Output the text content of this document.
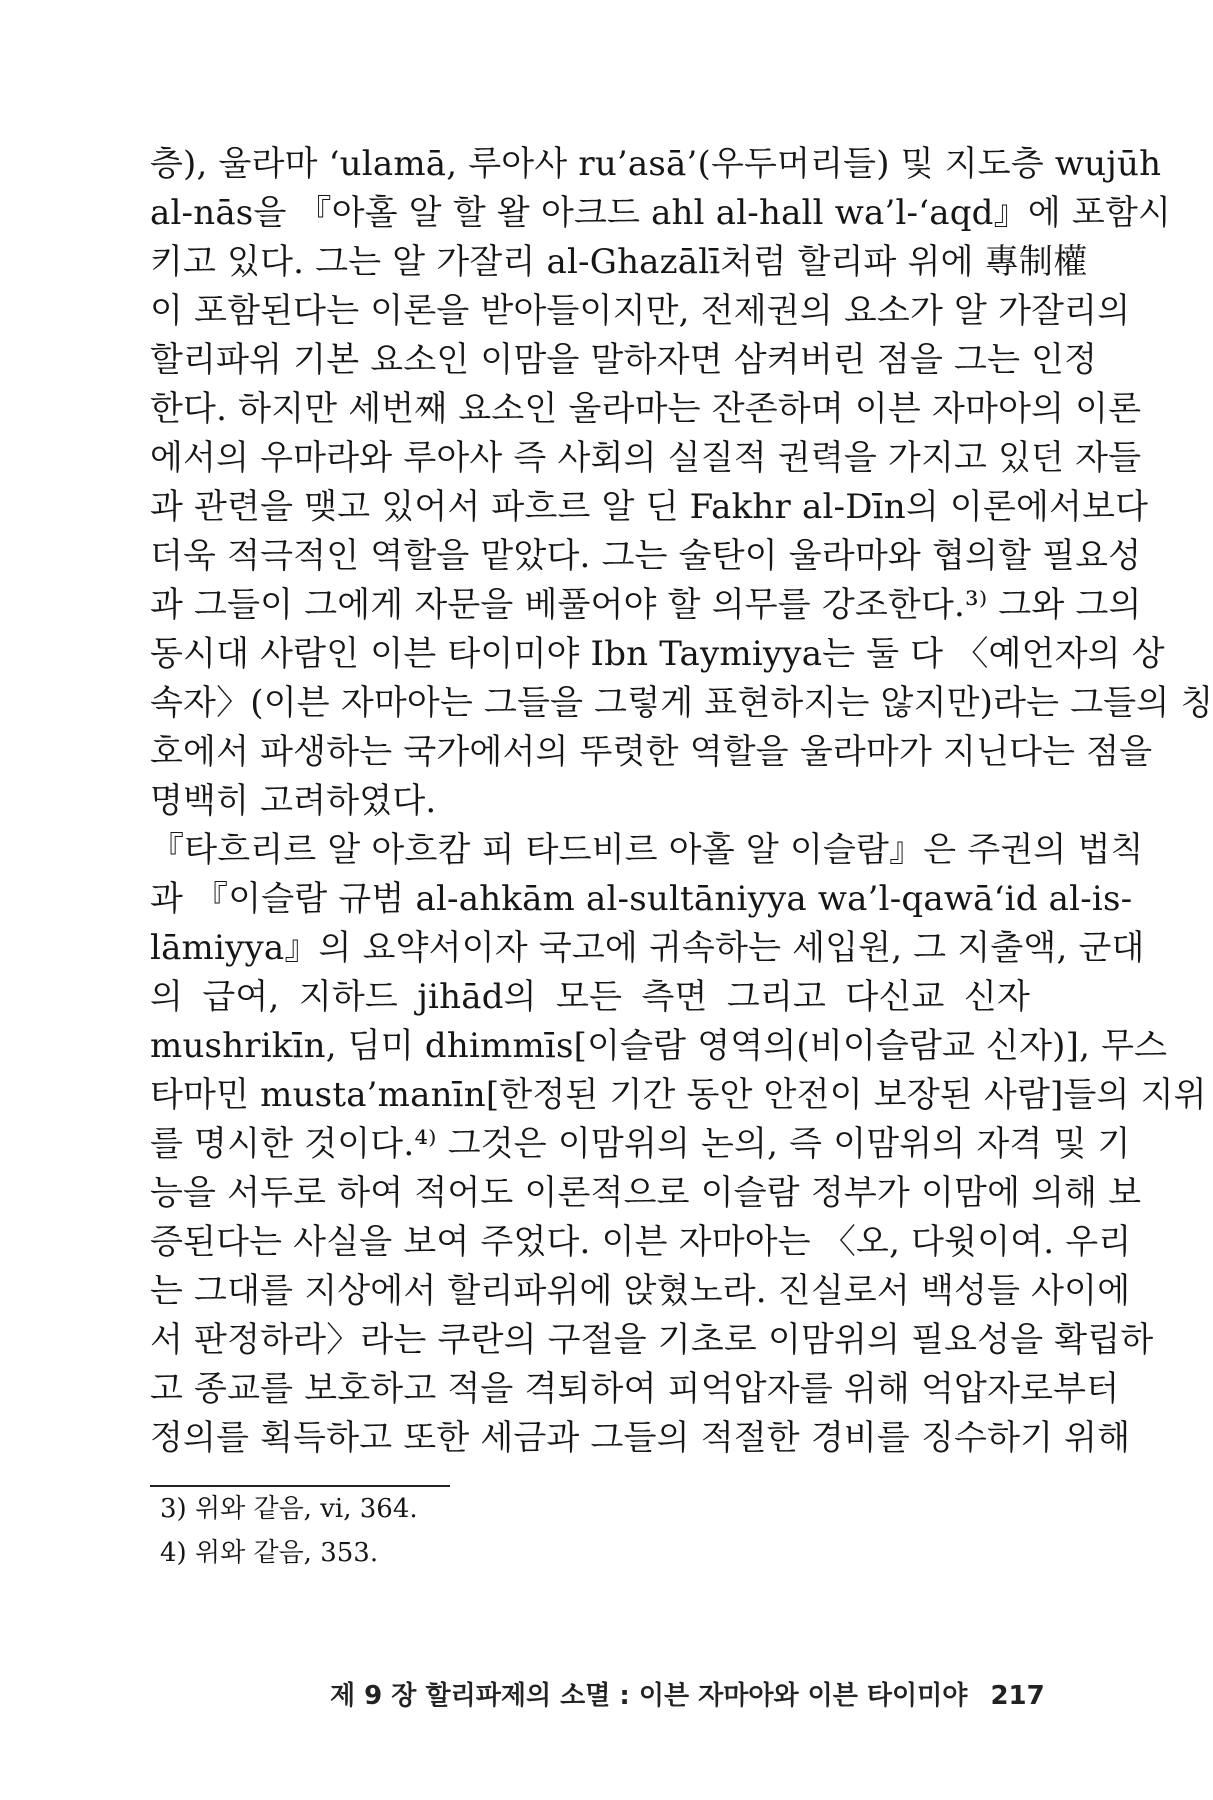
층), 울라마 ‘ulamā, 루아사 ru’asā’(우두머리들) 및 지도층 wujūh
al-nās을 『아홀 알 할 왈 아크드 ahl al-hall wa’l-‘aqd』에 포함시
키고 있다. 그는 알 가잘리 al-Ghazālī처럼 할리파 위에 專制權
이 포함된다는 이론을 받아들이지만, 전제권의 요소가 알 가잘리의
할리파위 기본 요소인 이맘을 말하자면 삼켜버린 점을 그는 인정
한다. 하지만 세번째 요소인 울라마는 잔존하며 이븐 자마아의 이론
에서의 우마라와 루아사 즉 사회의 실질적 권력을 가지고 있던 자들
과 관련을 맺고 있어서 파흐르 알 딘 Fakhr al-Dīn의 이론에서보다
더욱 적극적인 역할을 맡았다. 그는 술탄이 울라마와 협의할 필요성
과 그들이 그에게 자문을 베풀어야 할 의무를 강조한다.³⁾ 그와 그의
동시대 사람인 이븐 타이미야 Ibn Taymiyya는 둘 다 〈예언자의 상
속자〉(이븐 자마아는 그들을 그렇게 표현하지는 않지만)라는 그들의 칭
호에서 파생하는 국가에서의 뚜렷한 역할을 울라마가 지닌다는 점을
명백히 고려하였다.
『타흐리르 알 아흐캄 피 타드비르 아홀 알 이슬람』은 주권의 법칙
과 『이슬람 규범 al-ahkām al-sultāniyya wa’l-qawā‘id al-is-
lāmiyya』의 요약서이자 국고에 귀속하는 세입원, 그 지출액, 군대
의 급여, 지하드 jihād의 모든 측면 그리고 다신교 신자
mushrikīn, 딤미 dhimmīs[이슬람 영역의(비이슬람교 신자)], 무스
타마민 musta’manīn[한정된 기간 동안 안전이 보장된 사람]들의 지위
를 명시한 것이다.⁴⁾ 그것은 이맘위의 논의, 즉 이맘위의 자격 및 기
능을 서두로 하여 적어도 이론적으로 이슬람 정부가 이맘에 의해 보
증된다는 사실을 보여 주었다. 이븐 자마아는 〈오, 다윗이여. 우리
는 그대를 지상에서 할리파위에 앉혔노라. 진실로서 백성들 사이에
서 판정하라〉라는 쿠란의 구절을 기초로 이맘위의 필요성을 확립하
고 종교를 보호하고 적을 격퇴하여 피억압자를 위해 억압자로부터
정의를 획득하고 또한 세금과 그들의 적절한 경비를 징수하기 위해
3) 위와 같음, vi, 364.
4) 위와 같음, 353.
제 9 장 할리파제의 소멸 : 이븐 자마아와 이븐 타이미야 217
